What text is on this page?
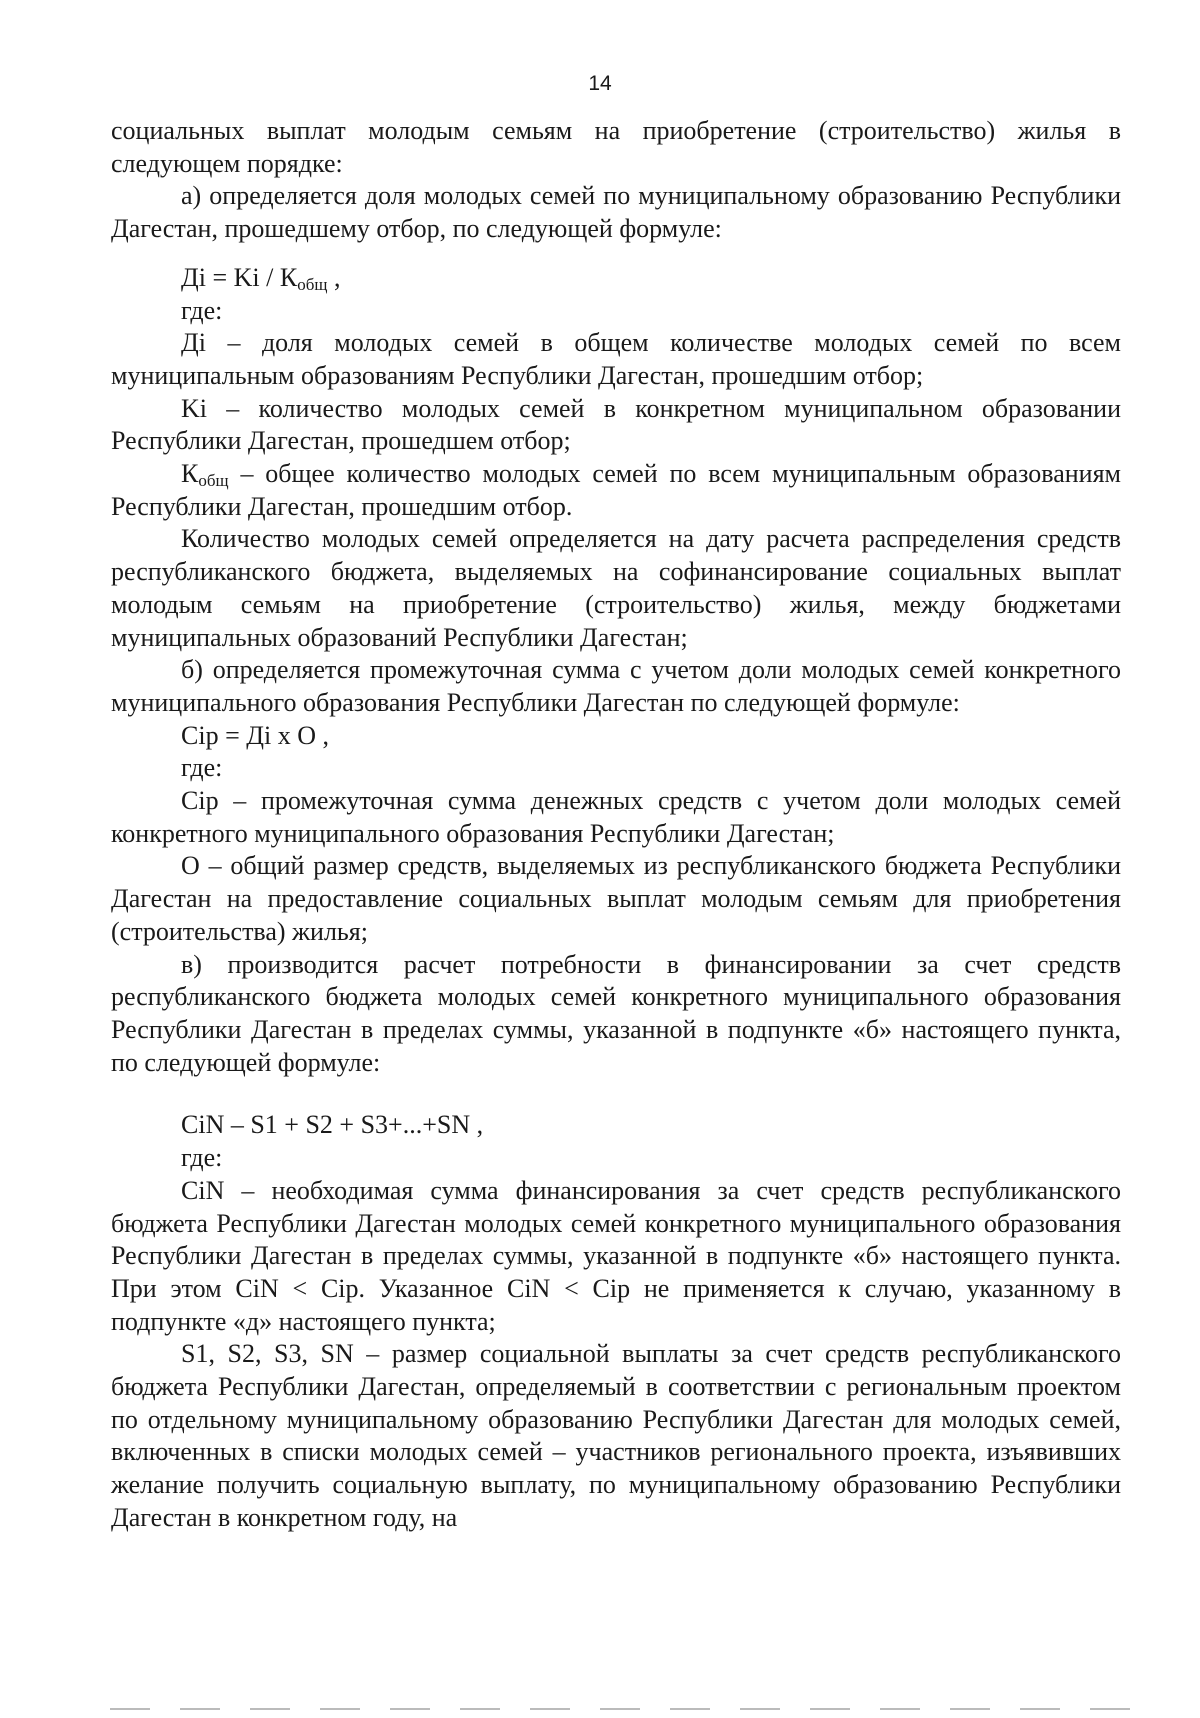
14

социальных выплат молодым семьям на приобретение (строительство) жилья в следующем порядке:

а) определяется доля молодых семей по муниципальному образованию Республики Дагестан, прошедшему отбор, по следующей формуле:

Дi = Ki / $К_{общ}$ ,

где:

Дi – доля молодых семей в общем количестве молодых семей по всем муниципальным образованиям Республики Дагестан, прошедшим отбор;

Ki – количество молодых семей в конкретном муниципальном образовании Республики Дагестан, прошедшем отбор;

$К_{общ}$ – общее количество молодых семей по всем муниципальным образованиям Республики Дагестан, прошедшим отбор.

Количество молодых семей определяется на дату расчета распределения средств республиканского бюджета, выделяемых на софинансирование социальных выплат молодым семьям на приобретение (строительство) жилья, между бюджетами муниципальных образований Республики Дагестан;

б) определяется промежуточная сумма с учетом доли молодых семей конкретного муниципального образования Республики Дагестан по следующей формуле:

Сip = Дi x О ,

где:

Сip – промежуточная сумма денежных средств с учетом доли молодых семей конкретного муниципального образования Республики Дагестан;

О – общий размер средств, выделяемых из республиканского бюджета Республики Дагестан на предоставление социальных выплат молодым семьям для приобретения (строительства) жилья;

в) производится расчет потребности в финансировании за счет средств республиканского бюджета молодых семей конкретного муниципального образования Республики Дагестан в пределах суммы, указанной в подпункте «б» настоящего пункта, по следующей формуле:

СiN – S1 + S2 + S3+...+SN ,

где:

СiN – необходимая сумма финансирования за счет средств республиканского бюджета Республики Дагестан молодых семей конкретного муниципального образования Республики Дагестан в пределах суммы, указанной в подпункте «б» настоящего пункта. При этом СiN < Сip. Указанное СiN < Сip не применяется к случаю, указанному в подпункте «д» настоящего пункта;

S1, S2, S3, SN – размер социальной выплаты за счет средств республиканского бюджета Республики Дагестан, определяемый в соответствии с региональным проектом по отдельному муниципальному образованию Республики Дагестан для молодых семей, включенных в списки молодых семей – участников регионального проекта, изъявивших желание получить социальную выплату, по муниципальному образованию Республики Дагестан в конкретном году, на
